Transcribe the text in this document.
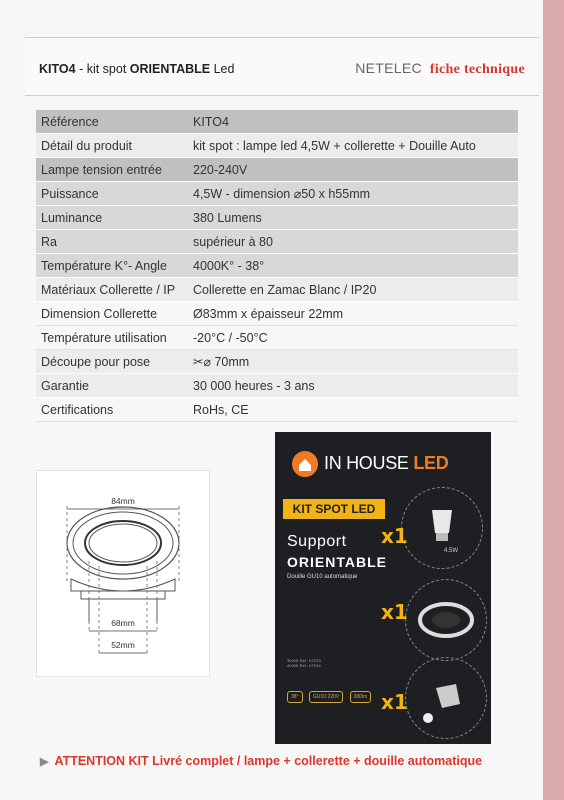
KITO4 - kit spot ORIENTABLE Led	NETELEC fiche technique
Référence	KITO4
Détail du produit	kit spot : lampe led 4,5W + collerette + Douille Auto
Lampe tension entrée	220-240V
Puissance	4,5W - dimension ⌀50 x h55mm
Luminance	380 Lumens
Ra	supérieur à 80
Température K°- Angle	4000K° - 38°
Matériaux Collerette / IP	Collerette en Zamac Blanc / IP20
Dimension Collerette	Ø83mm x épaisseur 22mm
Température utilisation	-20°C / -50°C
Découpe pour pose	✂⌀ 70mm
Garantie	30 000 heures - 3 ans
Certifications	RoHs, CE
84mm
68mm
52mm
IN HOUSE LED
KIT SPOT LED
Support
ORIENTABLE
Douille GU10 automatique
4.5W
x1
x1
x1
3000K Ref : KITO3
4000K Ref : KITO4
38°	GU10 220V	380lm
▶ ATTENTION KIT Livré complet / lampe + collerette + douille automatique
